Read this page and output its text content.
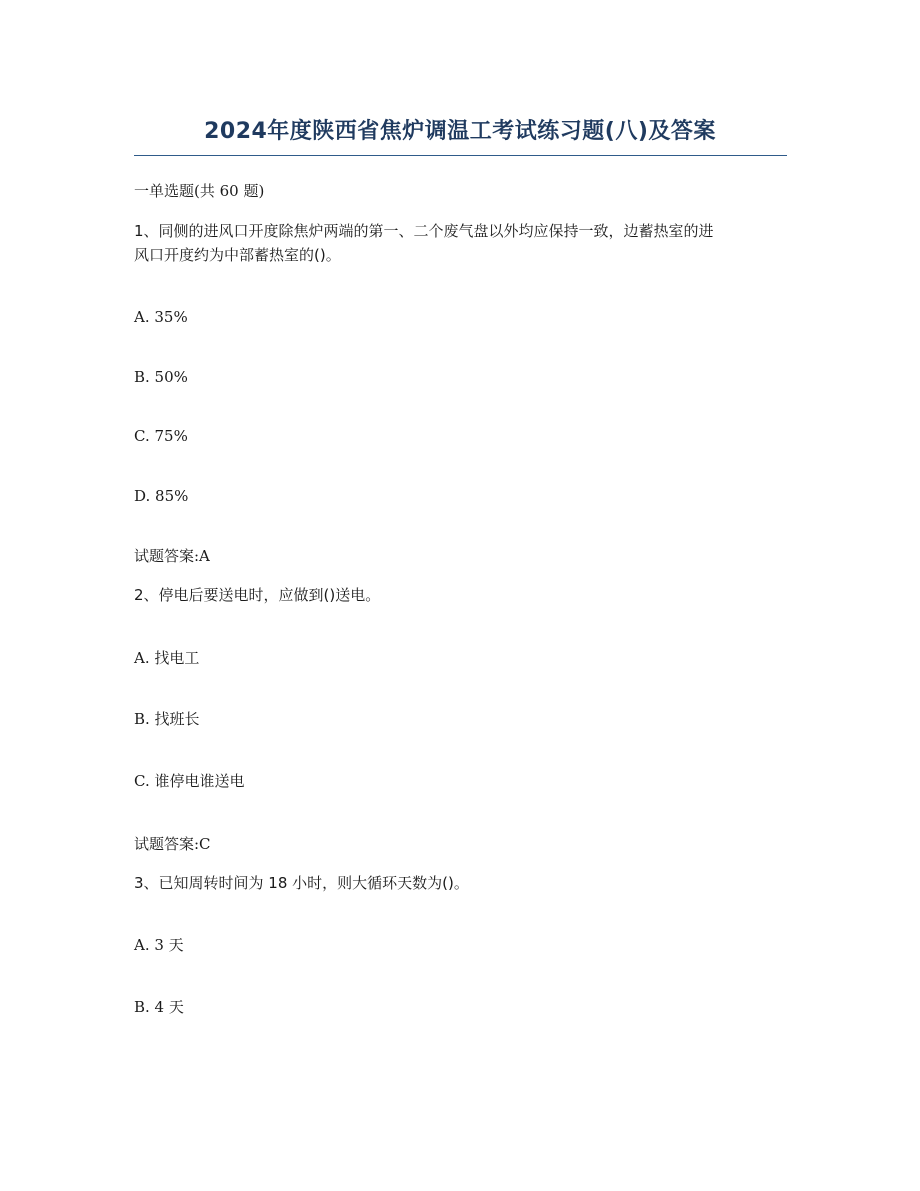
2024年度陕西省焦炉调温工考试练习题(八)及答案
一单选题(共 60 题)
1、同侧的进风口开度除焦炉两端的第一、二个废气盘以外均应保持一致，边蓄热室的进
风口开度约为中部蓄热室的()。
A. 35%
B. 50%
C. 75%
D. 85%
试题答案:A
2、停电后要送电时，应做到()送电。
A. 找电工
B. 找班长
C. 谁停电谁送电
试题答案:C
3、已知周转时间为 18 小时，则大循环天数为()。
A. 3 天
B. 4 天
